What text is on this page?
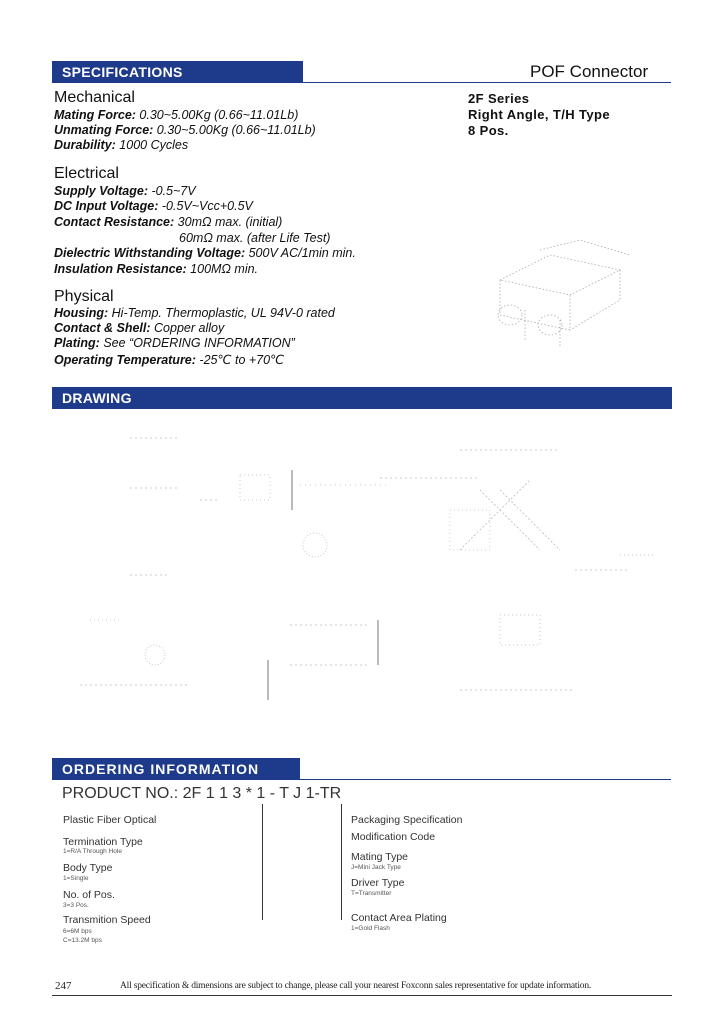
SPECIFICATIONS	POF Connector
2F Series
Right Angle, T/H Type
8 Pos.
Mechanical
Mating Force: 0.30~5.00Kg (0.66~11.01Lb)
Unmating Force: 0.30~5.00Kg (0.66~11.01Lb)
Durability: 1000 Cycles
Electrical
Supply Voltage: -0.5~7V
DC Input Voltage: -0.5V~Vcc+0.5V
Contact Resistance: 30mΩ max. (initial)
60mΩ max. (after Life Test)
Dielectric Withstanding Voltage: 500V AC/1min min.
Insulation Resistance: 100MΩ min.
Physical
Housing: Hi-Temp. Thermoplastic, UL 94V-0 rated
Contact & Shell: Copper alloy
Plating: See “ORDERING INFORMATION”
Operating Temperature: -25℃ to +70℃
DRAWING
ORDERING INFORMATION
PRODUCT NO.: 2F 1 1 3 * 1 - T J 1-TR
Plastic Fiber Optical
Termination Type
1=R/A Through Hole
Body Type
1=Single
No. of Pos.
3=3 Pos.
Transmition Speed
6=6M bps
C=13.2M bps
Packaging Specification
Modification Code
Mating Type
J=Mini Jack Type
Driver Type
T=Transmitter
Contact Area Plating
1=Gold Flash
247	All specification & dimensions are subject to change, please call your nearest Foxconn sales representative for update information.
